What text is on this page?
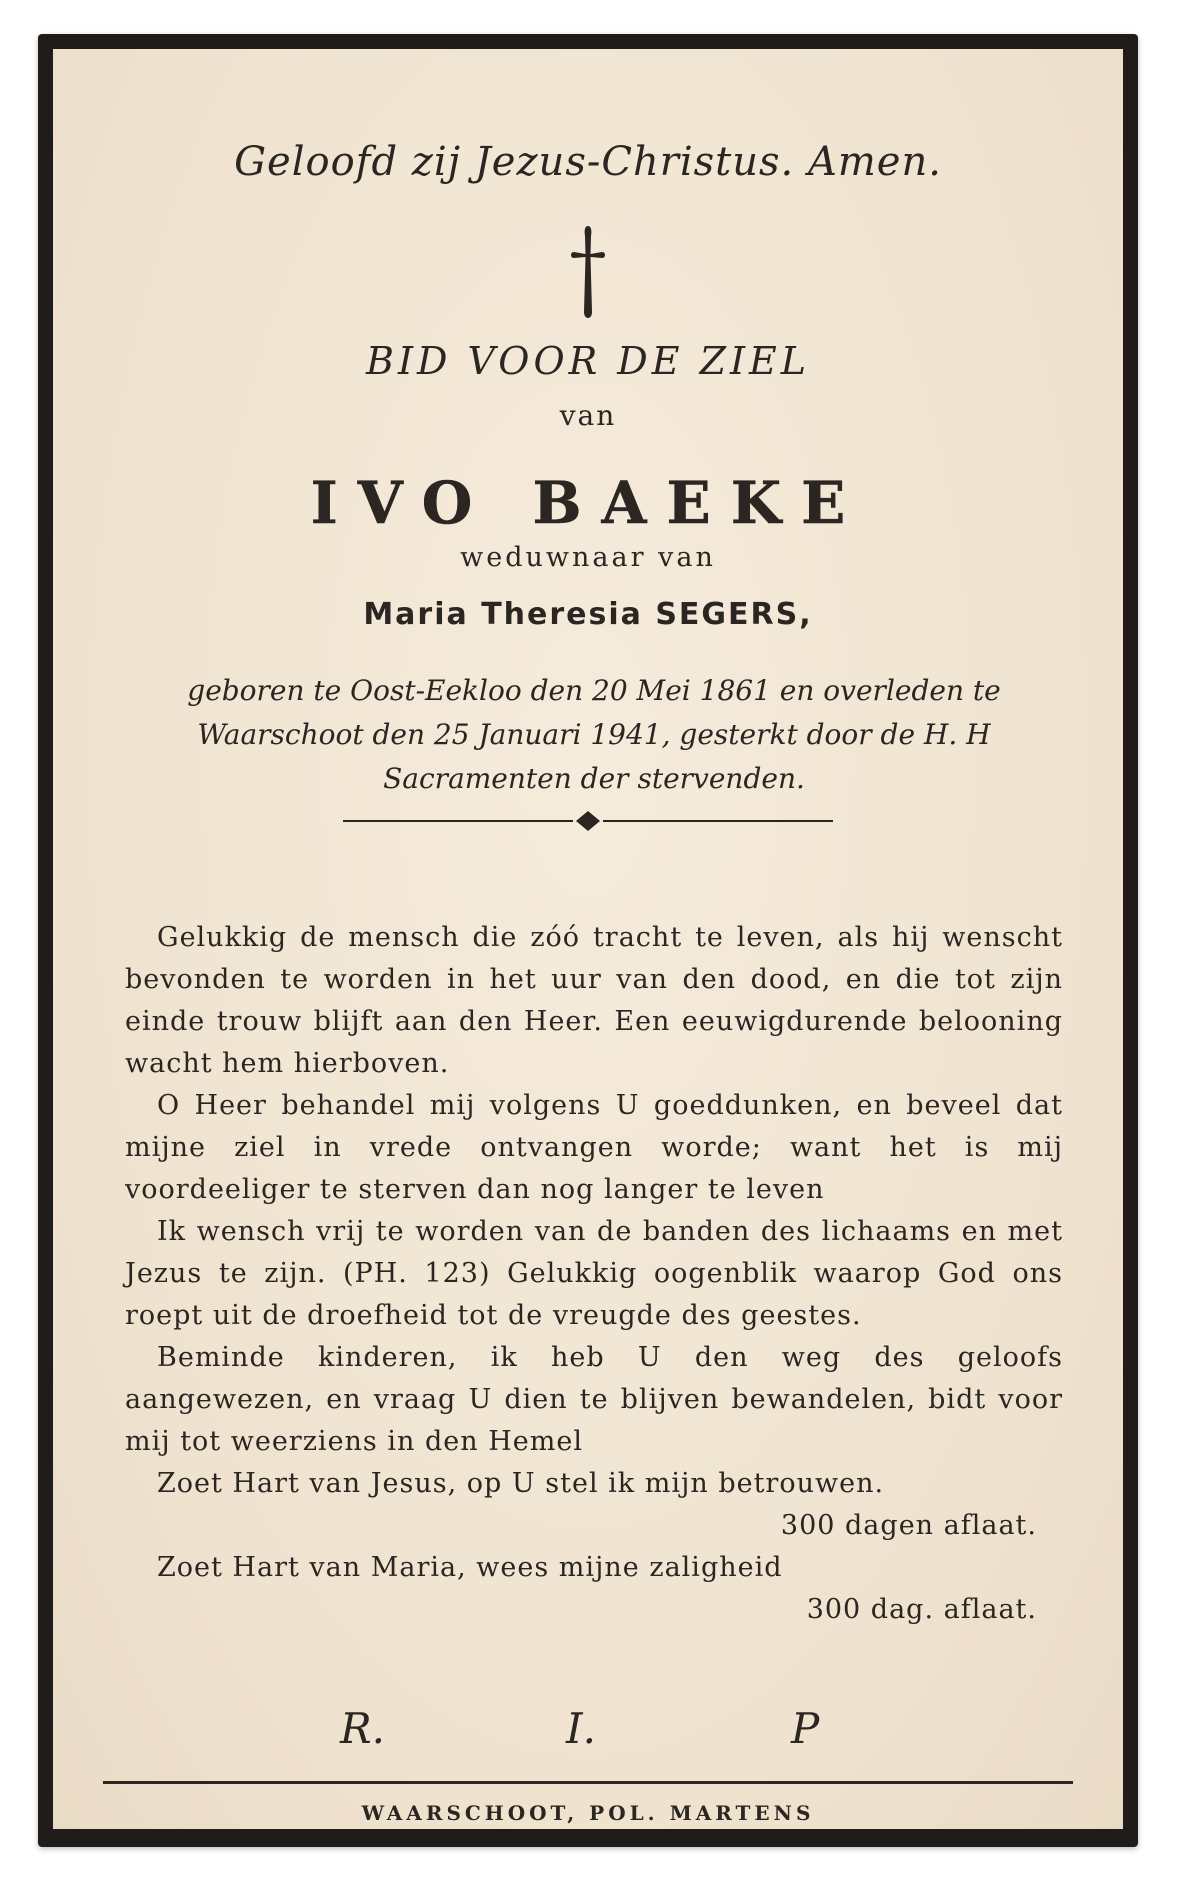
Geloofd zij Jezus-Christus. Amen.
BID VOOR DE ZIEL
van
IVO BAEKE
weduwnaar van
Maria Theresia SEGERS,
geboren te Oost-Eekloo den 20 Mei 1861 en overleden te Waarschoot den 25 Januari 1941, gesterkt door de H. H Sacramenten der stervenden.

Gelukkig de mensch die zóó tracht te leven, als hij wenscht bevonden te worden in het uur van den dood, en die tot zijn einde trouw blijft aan den Heer. Een eeuwigdurende belooning wacht hem hierboven.

O Heer behandel mij volgens U goeddunken, en beveel dat mijne ziel in vrede ontvangen worde; want het is mij voordeeliger te sterven dan nog langer te leven

Ik wensch vrij te worden van de banden des lichaams en met Jezus te zijn. (PH. 123) Gelukkig oogenblik waarop God ons roept uit de droefheid tot de vreugde des geestes.

Beminde kinderen, ik heb U den weg des geloofs aangewezen, en vraag U dien te blijven bewandelen, bidt voor mij tot weerziens in den Hemel

Zoet Hart van Jesus, op U stel ik mijn betrouwen.

300 dagen aflaat.

Zoet Hart van Maria, wees mijne zaligheid

300 dag. aflaat.

R.	I.	P
WAARSCHOOT, POL. MARTENS
